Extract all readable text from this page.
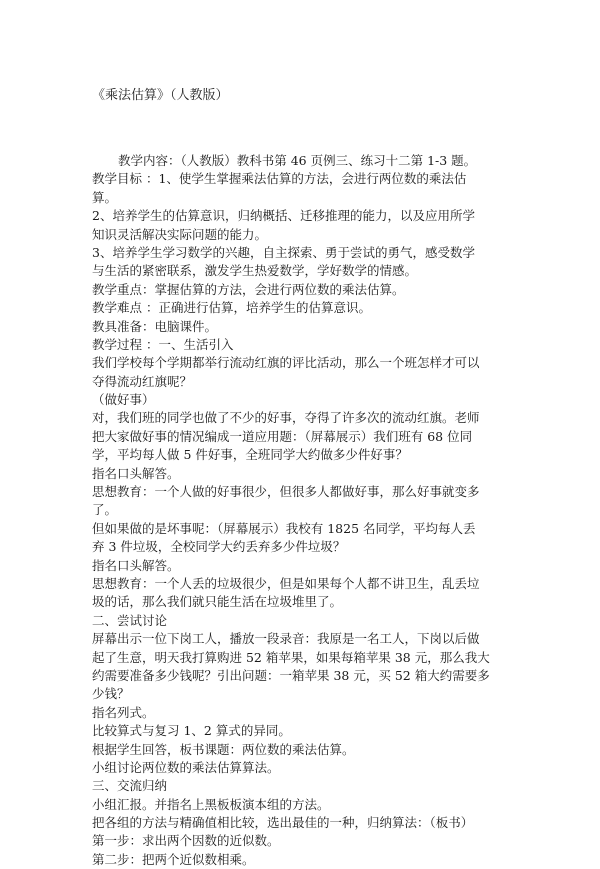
《乘法估算》（人教版）
教学内容：（人教版）教科书第 46 页例三、练习十二第 1-3 题。
教学目标 ：1、使学生掌握乘法估算的方法，会进行两位数的乘法估
算。
2、培养学生的估算意识，归纳概括、迁移推理的能力，以及应用所学
知识灵活解决实际问题的能力。
3、培养学生学习数学的兴趣，自主探索、勇于尝试的勇气，感受数学
与生活的紧密联系，激发学生热爱数学，学好数学的情感。
教学重点：掌握估算的方法，会进行两位数的乘法估算。
教学难点 ：正确进行估算，培养学生的估算意识。
教具准备：电脑课件。
教学过程 ：一、生活引入
我们学校每个学期都举行流动红旗的评比活动，那么一个班怎样才可以
夺得流动红旗呢？
（做好事）
对，我们班的同学也做了不少的好事，夺得了许多次的流动红旗。老师
把大家做好事的情况编成一道应用题：（屏幕展示）我们班有 68 位同
学，平均每人做 5 件好事，全班同学大约做多少件好事？
指名口头解答。
思想教育：一个人做的好事很少，但很多人都做好事，那么好事就变多
了。
但如果做的是坏事呢：（屏幕展示）我校有 1825 名同学，平均每人丢
弃 3 件垃圾，全校同学大约丢弃多少件垃圾？
指名口头解答。
思想教育：一个人丢的垃圾很少，但是如果每个人都不讲卫生，乱丢垃
圾的话，那么我们就只能生活在垃圾堆里了。
二、尝试讨论
屏幕出示一位下岗工人，播放一段录音：我原是一名工人，下岗以后做
起了生意，明天我打算购进 52 箱苹果，如果每箱苹果 38 元，那么我大
约需要准备多少钱呢？引出问题：一箱苹果 38 元，买 52 箱大约需要多
少钱？
指名列式。
比较算式与复习 1、2 算式的异同。
根据学生回答，板书课题：两位数的乘法估算。
小组讨论两位数的乘法估算算法。
三、交流归纳
小组汇报。并指名上黑板板演本组的方法。
把各组的方法与精确值相比较，选出最佳的一种，归纳算法：（板书）
第一步：求出两个因数的近似数。
第二步：把两个近似数相乘。
